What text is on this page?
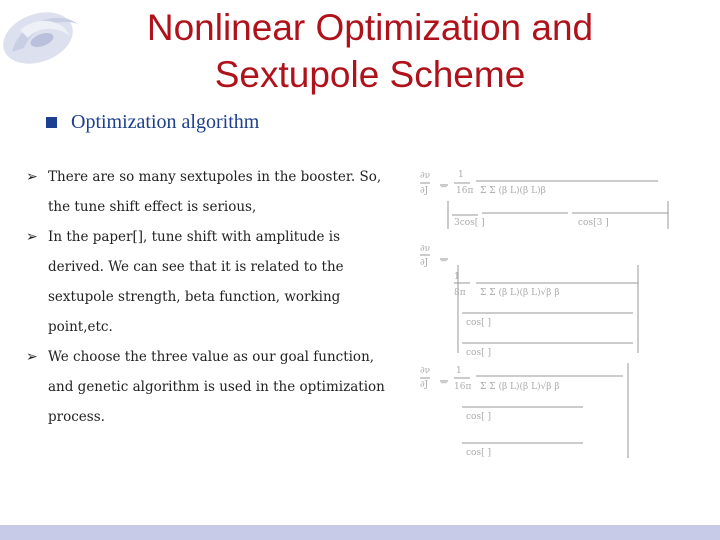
Nonlinear Optimization and
Sextupole Scheme
Optimization algorithm
➢ There are so many sextupoles in the booster. So,
the tune shift effect is serious,
➢ In the paper[], tune shift with amplitude is
derived. We can see that it is related to the
sextupole strength, beta function, working
point,etc.
➢ We choose the three value as our goal function,
and genetic algorithm is used in the optimization
process.
∂ν
∂J =
1
16π Σ Σ (β L)(β L)β
3cos[ ]	cos[3 ]
∂ν
∂J =
1
8π Σ Σ (β L)(β L)√β β
cos[ ]
cos[ ]
∂ν
∂J =
1
16π Σ Σ (β L)(β L)√β β
cos[ ]
cos[ ]
